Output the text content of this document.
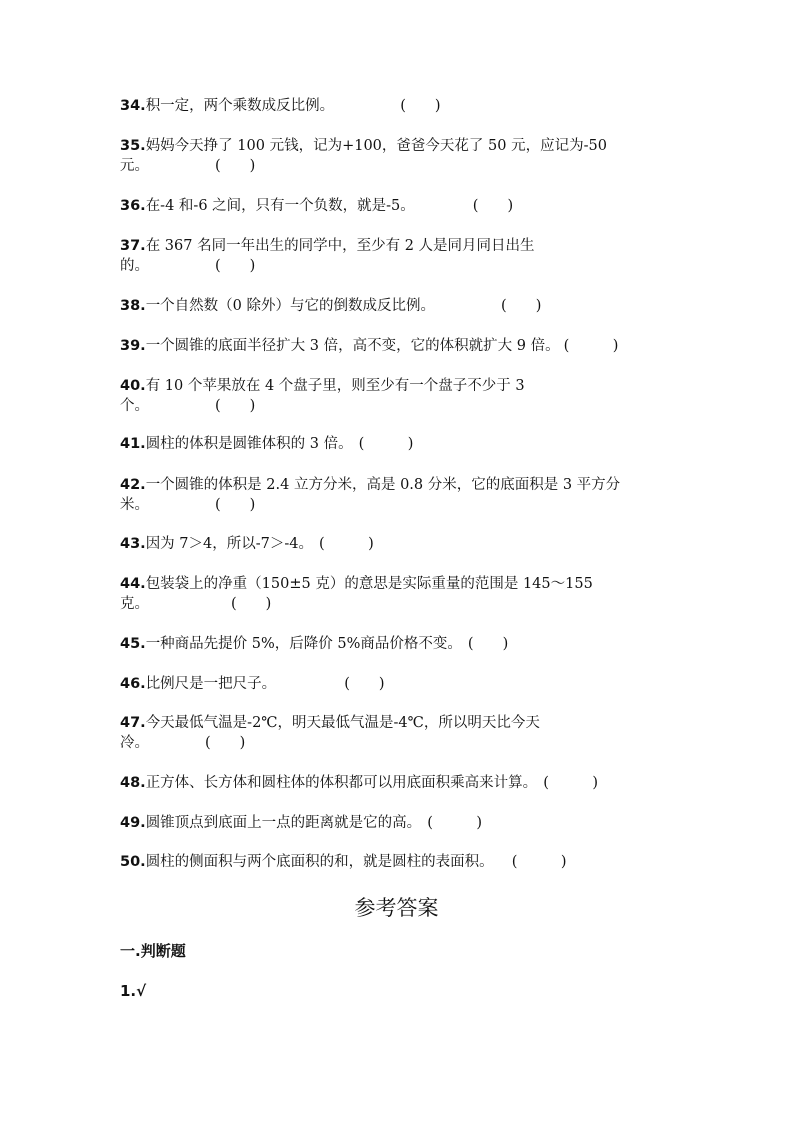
34.积一定，两个乘数成反比例。	(　　)
35.妈妈今天挣了 100 元钱，记为+100，爸爸今天花了 50 元，应记为-50
元。	(　　)
36.在-4 和-6 之间，只有一个负数，就是-5。	(　　)
37.在 367 名同一年出生的同学中，至少有 2 人是同月同日出生
的。	(　　)
38.一个自然数（0 除外）与它的倒数成反比例。	(　　)
39.一个圆锥的底面半径扩大 3 倍，高不变，它的体积就扩大 9 倍。 (　　　)
40.有 10 个苹果放在 4 个盘子里，则至少有一个盘子不少于 3
个。	(　　)
41.圆柱的体积是圆锥体积的 3 倍。 (　　　)
42.一个圆锥的体积是 2.4 立方分米，高是 0.8 分米，它的底面积是 3 平方分
米。	(　　)
43.因为 7＞4，所以-7＞-4。 (　　　)
44.包装袋上的净重（150±5 克）的意思是实际重量的范围是 145～155
克。	(　　)
45.一种商品先提价 5%，后降价 5%商品价格不变。 (　　)
46.比例尺是一把尺子。	(　　)
47.今天最低气温是-2℃，明天最低气温是-4℃，所以明天比今天
冷。	(　　)
48.正方体、长方体和圆柱体的体积都可以用底面积乘高来计算。 (　　　)
49.圆锥顶点到底面上一点的距离就是它的高。 (　　　)
50.圆柱的侧面积与两个底面积的和，就是圆柱的表面积。 (　　　)
参考答案
一.判断题
1.√
